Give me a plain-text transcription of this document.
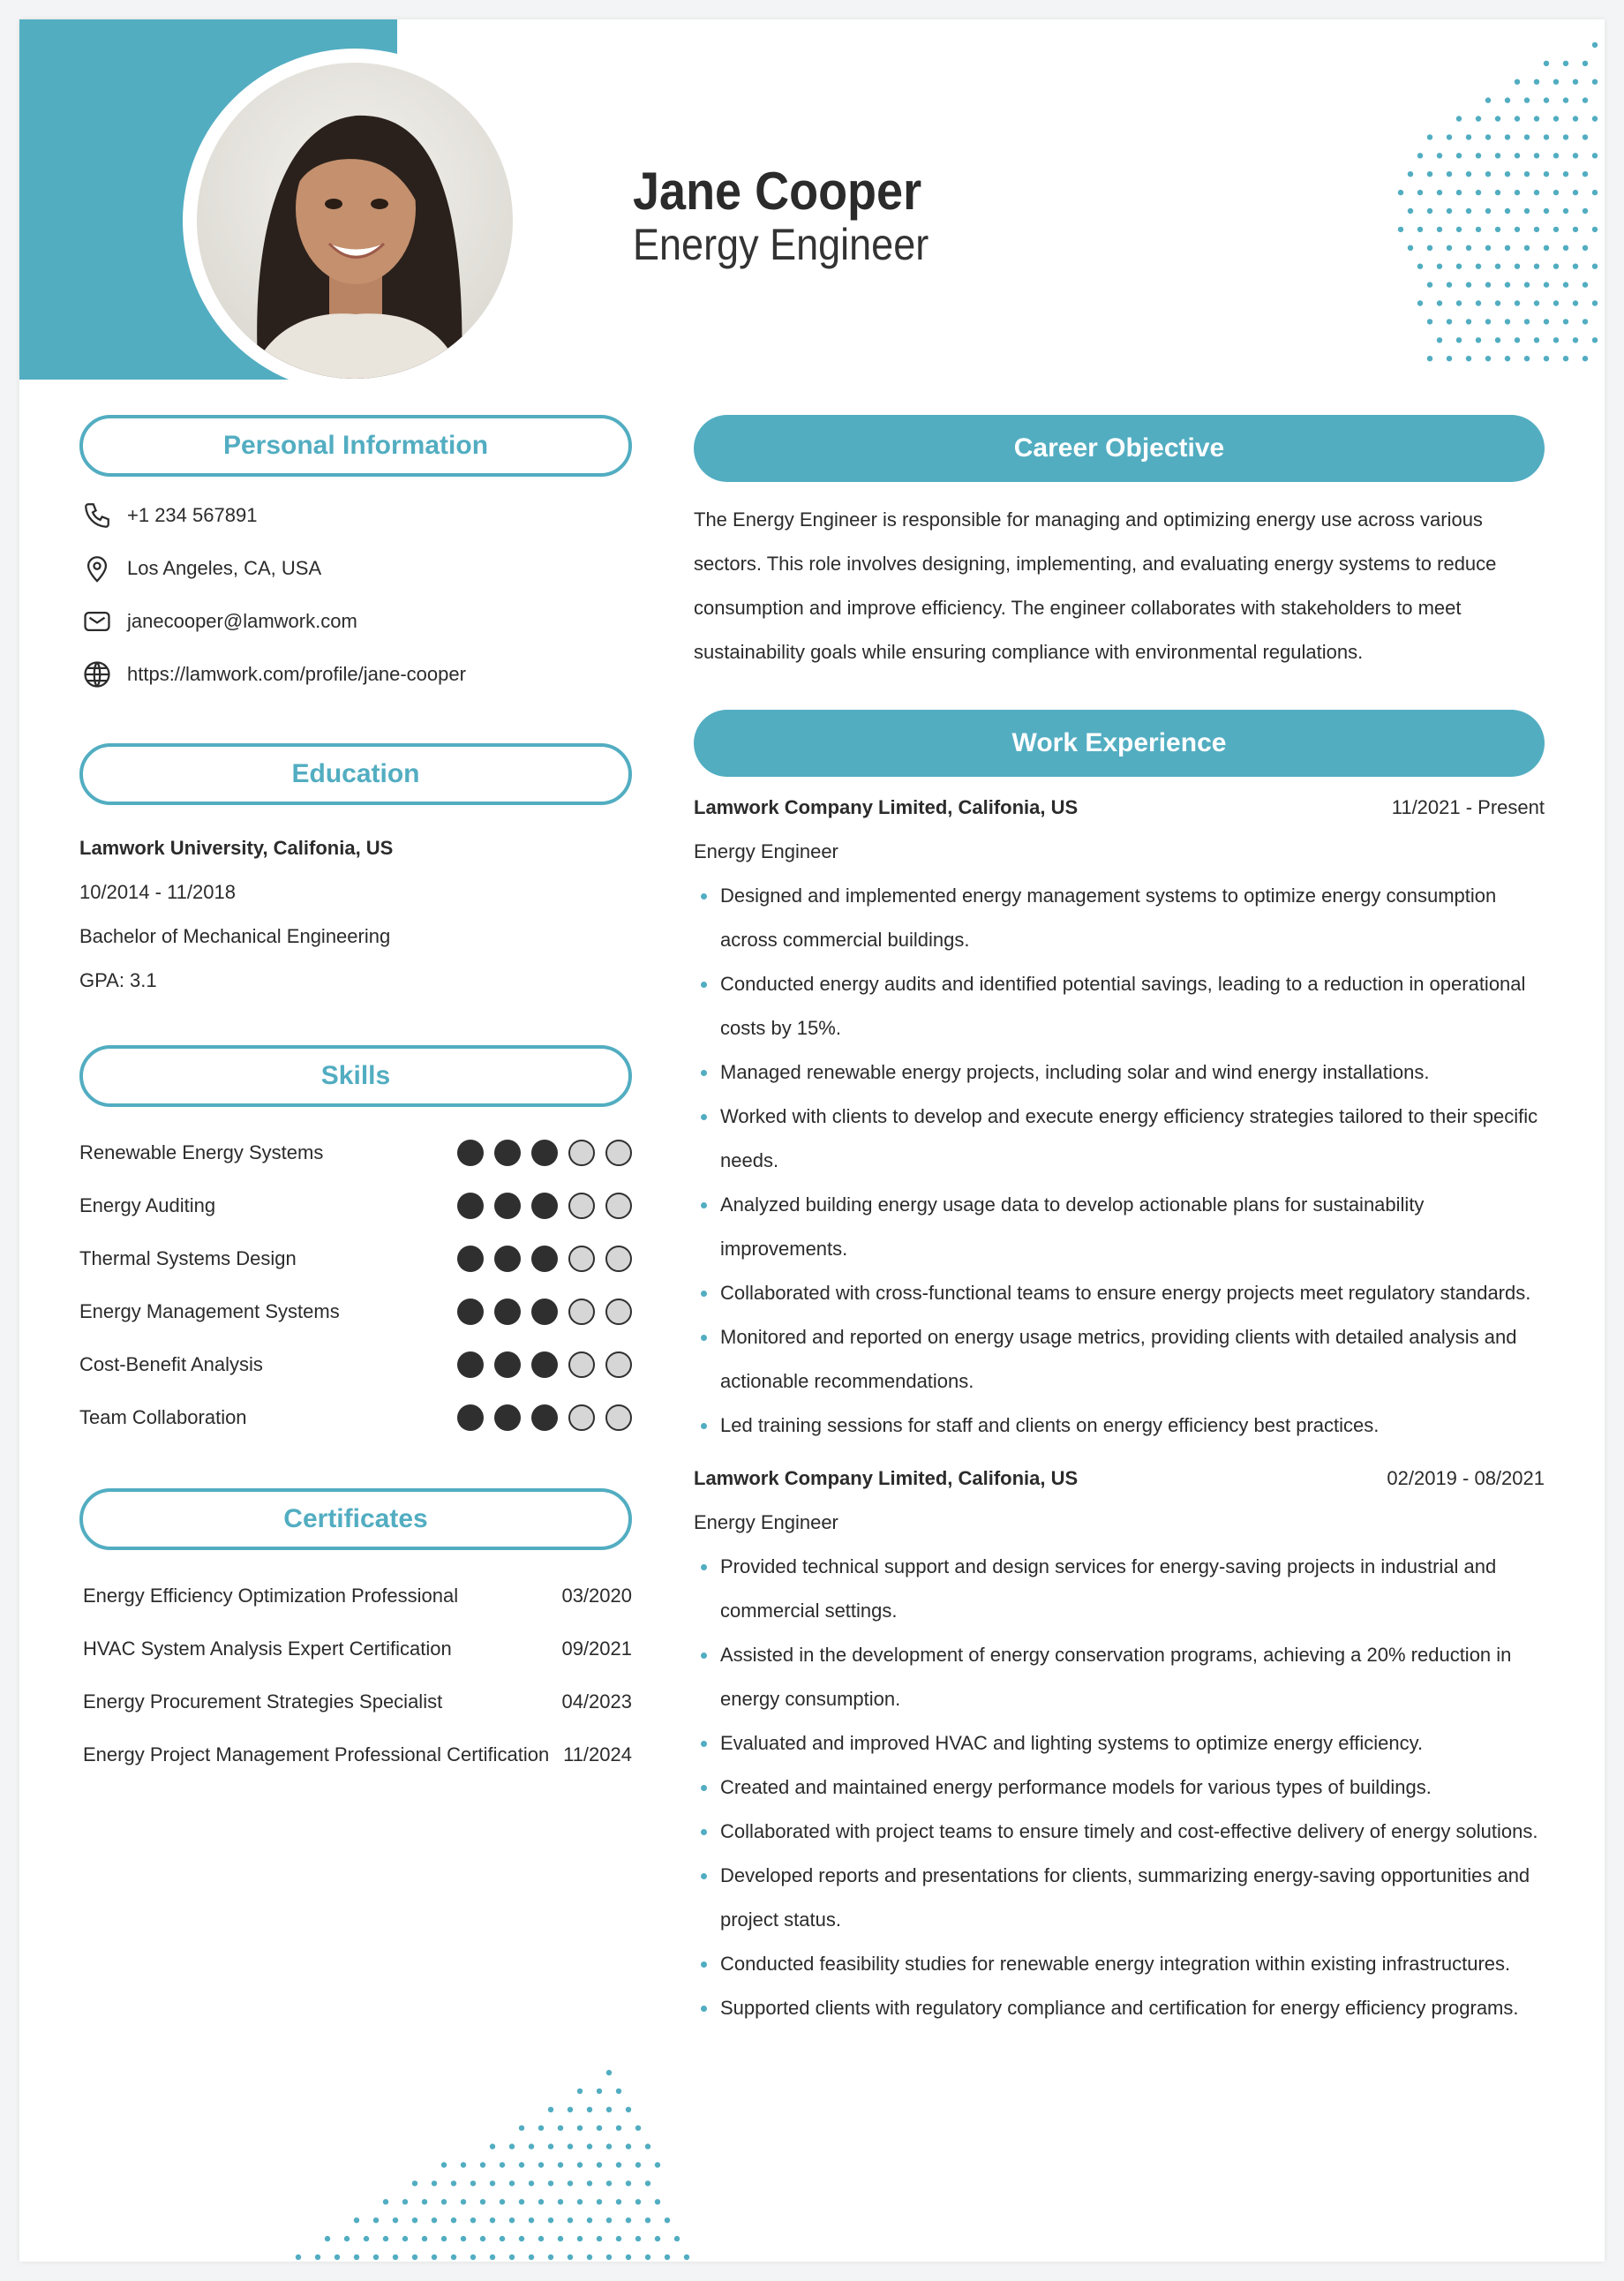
Jane Cooper
Energy Engineer
Personal Information
+1 234 567891
Los Angeles, CA, USA
janecooper@lamwork.com
https://lamwork.com/profile/jane-cooper
Education
Lamwork University, Califonia, US
10/2014 - 11/2018
Bachelor of Mechanical Engineering
GPA: 3.1
Skills
Renewable Energy Systems
Energy Auditing
Thermal Systems Design
Energy Management Systems
Cost-Benefit Analysis
Team Collaboration
Certificates
Energy Efficiency Optimization Professional	03/2020
HVAC System Analysis Expert Certification	09/2021
Energy Procurement Strategies Specialist	04/2023
Energy Project Management Professional Certification 11/2024
Career Objective
The Energy Engineer is responsible for managing and optimizing energy use across various sectors. This role involves designing, implementing, and evaluating energy systems to reduce consumption and improve efficiency. The engineer collaborates with stakeholders to meet sustainability goals while ensuring compliance with environmental regulations.
Work Experience
Lamwork Company Limited, Califonia, US	11/2021 - Present
Energy Engineer
Designed and implemented energy management systems to optimize energy consumption across commercial buildings.
Conducted energy audits and identified potential savings, leading to a reduction in operational costs by 15%.
Managed renewable energy projects, including solar and wind energy installations.
Worked with clients to develop and execute energy efficiency strategies tailored to their specific needs.
Analyzed building energy usage data to develop actionable plans for sustainability improvements.
Collaborated with cross-functional teams to ensure energy projects meet regulatory standards.
Monitored and reported on energy usage metrics, providing clients with detailed analysis and actionable recommendations.
Led training sessions for staff and clients on energy efficiency best practices.
Lamwork Company Limited, Califonia, US	02/2019 - 08/2021
Energy Engineer
Provided technical support and design services for energy-saving projects in industrial and commercial settings.
Assisted in the development of energy conservation programs, achieving a 20% reduction in energy consumption.
Evaluated and improved HVAC and lighting systems to optimize energy efficiency.
Created and maintained energy performance models for various types of buildings.
Collaborated with project teams to ensure timely and cost-effective delivery of energy solutions.
Developed reports and presentations for clients, summarizing energy-saving opportunities and project status.
Conducted feasibility studies for renewable energy integration within existing infrastructures.
Supported clients with regulatory compliance and certification for energy efficiency programs.
